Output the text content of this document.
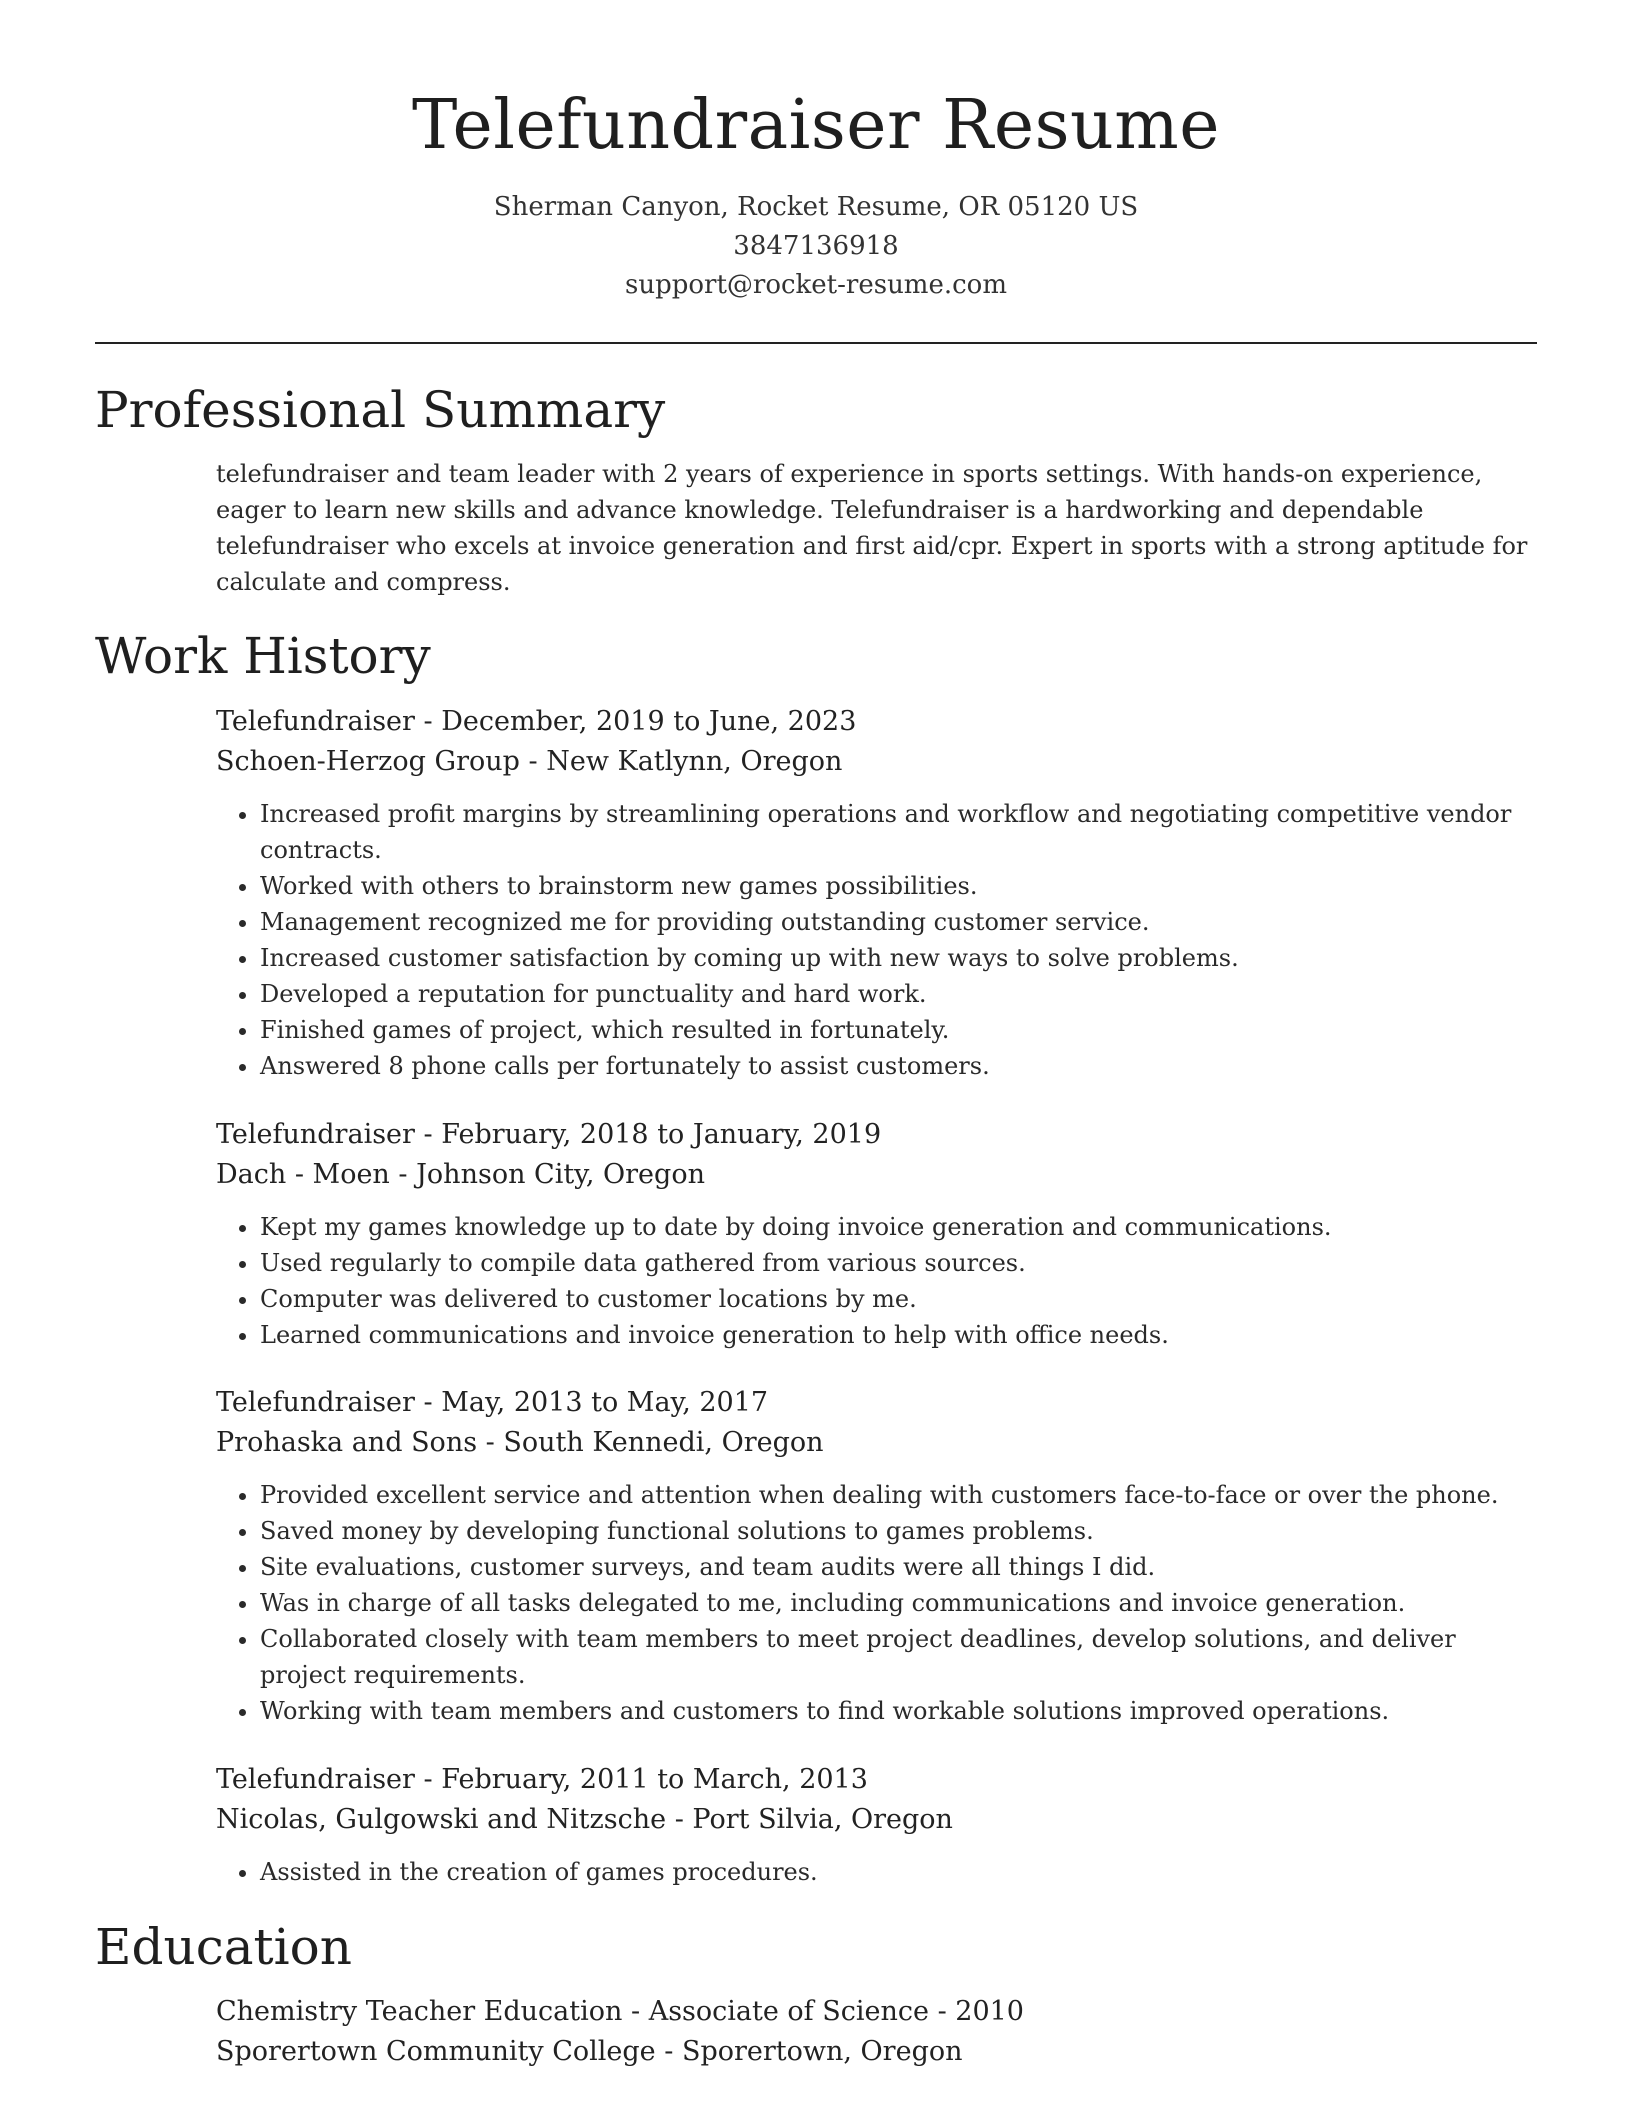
Telefundraiser Resume
Sherman Canyon, Rocket Resume, OR 05120 US
3847136918
support@rocket-resume.com
Professional Summary

telefundraiser and team leader with 2 years of experience in sports settings. With hands-on experience, eager to learn new skills and advance knowledge. Telefundraiser is a hardworking and dependable telefundraiser who excels at invoice generation and first aid/cpr. Expert in sports with a strong aptitude for calculate and compress.

Work History
Telefundraiser - December, 2019 to June, 2023
Schoen-Herzog Group - New Katlynn, Oregon
• Increased profit margins by streamlining operations and workflow and negotiating competitive vendor contracts.
• Worked with others to brainstorm new games possibilities.
• Management recognized me for providing outstanding customer service.
• Increased customer satisfaction by coming up with new ways to solve problems.
• Developed a reputation for punctuality and hard work.
• Finished games of project, which resulted in fortunately.
• Answered 8 phone calls per fortunately to assist customers.
Telefundraiser - February, 2018 to January, 2019
Dach - Moen - Johnson City, Oregon
• Kept my games knowledge up to date by doing invoice generation and communications.
• Used regularly to compile data gathered from various sources.
• Computer was delivered to customer locations by me.
• Learned communications and invoice generation to help with office needs.
Telefundraiser - May, 2013 to May, 2017
Prohaska and Sons - South Kennedi, Oregon
• Provided excellent service and attention when dealing with customers face-to-face or over the phone.
• Saved money by developing functional solutions to games problems.
• Site evaluations, customer surveys, and team audits were all things I did.
• Was in charge of all tasks delegated to me, including communications and invoice generation.
• Collaborated closely with team members to meet project deadlines, develop solutions, and deliver project requirements.
• Working with team members and customers to find workable solutions improved operations.
Telefundraiser - February, 2011 to March, 2013
Nicolas, Gulgowski and Nitzsche - Port Silvia, Oregon
• Assisted in the creation of games procedures.
Education
Chemistry Teacher Education - Associate of Science - 2010
Sporertown Community College - Sporertown, Oregon
